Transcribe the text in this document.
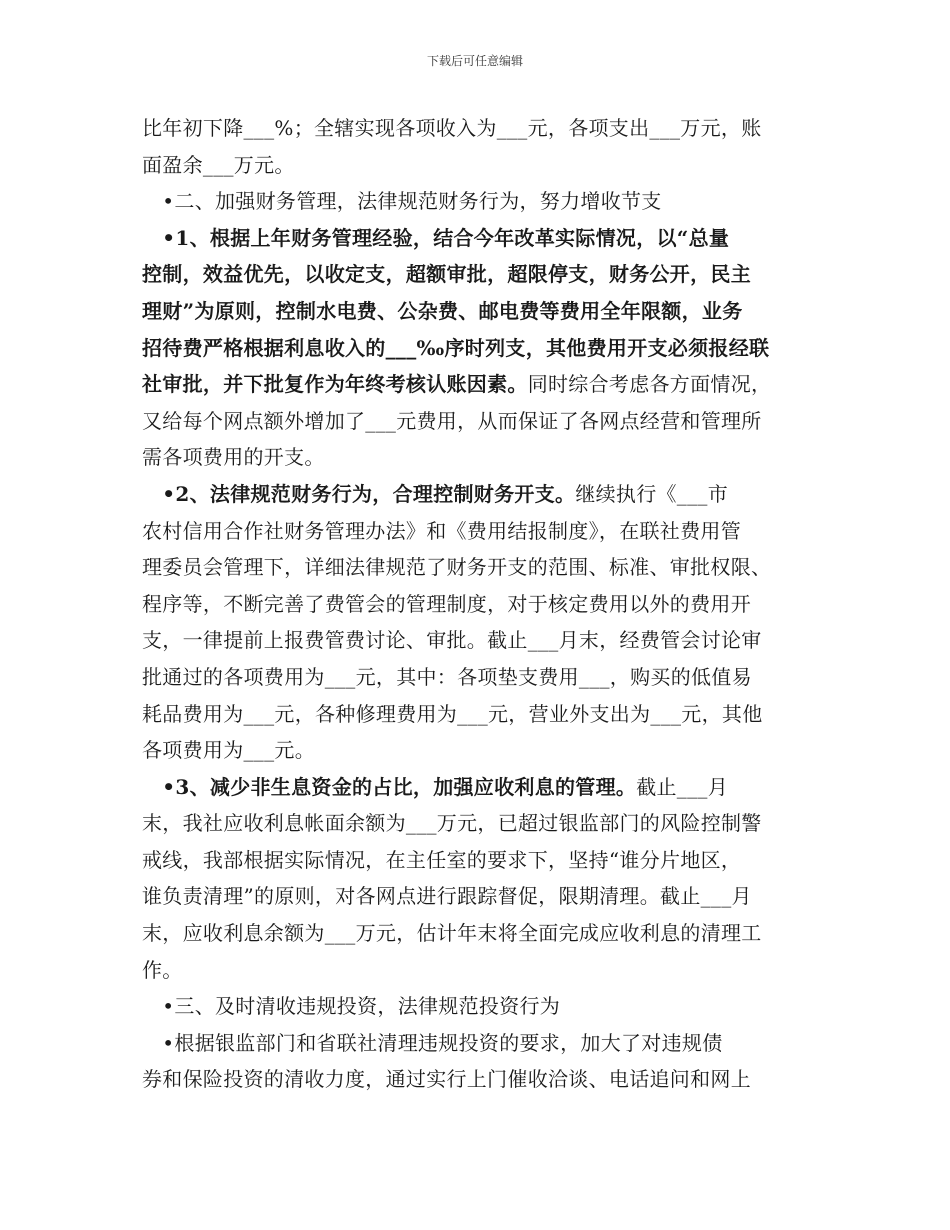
下载后可任意编辑
比年初下降___%；全辖实现各项收入为___元，各项支出___万元，账
面盈余___万元。
　•二、加强财务管理，法律规范财务行为，努力增收节支
　•1、根据上年财务管理经验，结合今年改革实际情况，以“总量
控制，效益优先，以收定支，超额审批，超限停支，财务公开，民主
理财”为原则，控制水电费、公杂费、邮电费等费用全年限额，业务
招待费严格根据利息收入的___‰序时列支，其他费用开支必须报经联
社审批，并下批复作为年终考核认账因素。同时综合考虑各方面情况，
又给每个网点额外增加了___元费用，从而保证了各网点经营和管理所
需各项费用的开支。
　•2、法律规范财务行为，合理控制财务开支。继续执行《___市
农村信用合作社财务管理办法》和《费用结报制度》，在联社费用管
理委员会管理下，详细法律规范了财务开支的范围、标准、审批权限、
程序等，不断完善了费管会的管理制度，对于核定费用以外的费用开
支，一律提前上报费管费讨论、审批。截止___月末，经费管会讨论审
批通过的各项费用为___元，其中：各项垫支费用___，购买的低值易
耗品费用为___元，各种修理费用为___元，营业外支出为___元，其他
各项费用为___元。
　•3、减少非生息资金的占比，加强应收利息的管理。截止___月
末，我社应收利息帐面余额为___万元，已超过银监部门的风险控制警
戒线，我部根据实际情况，在主任室的要求下，坚持“谁分片地区，
谁负责清理”的原则，对各网点进行跟踪督促，限期清理。截止___月
末，应收利息余额为___万元，估计年末将全面完成应收利息的清理工
作。
　•三、及时清收违规投资，法律规范投资行为
　•根据银监部门和省联社清理违规投资的要求，加大了对违规债
券和保险投资的清收力度，通过实行上门催收洽谈、电话追问和网上
